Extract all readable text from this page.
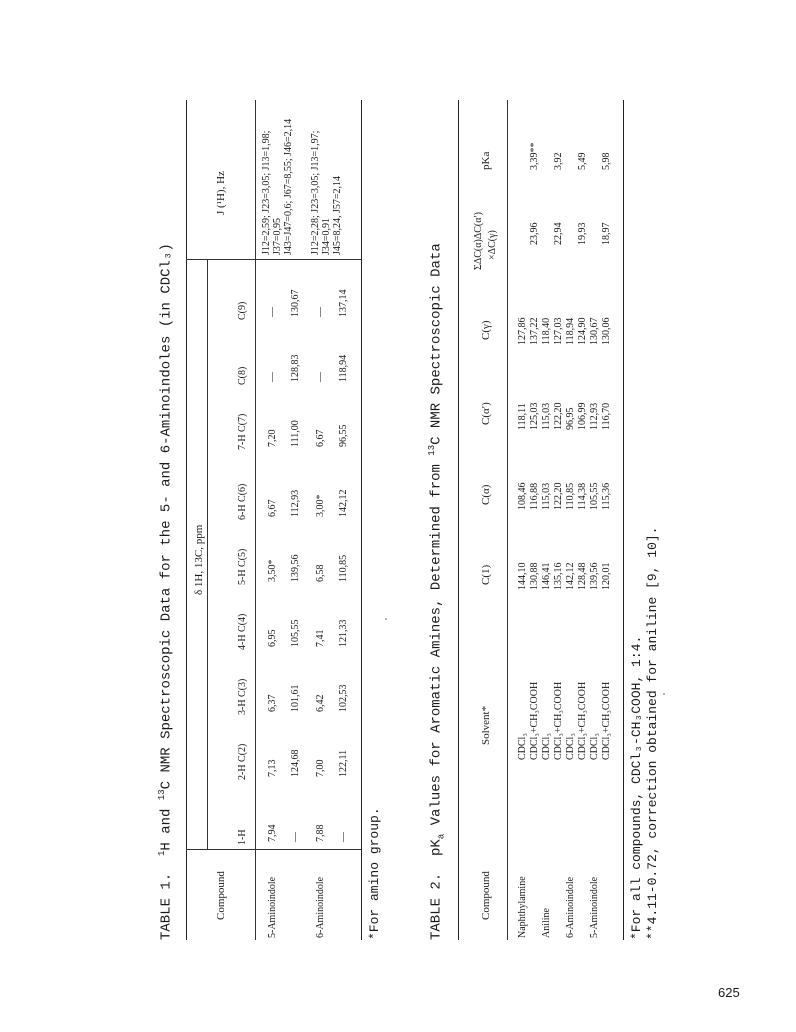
TABLE 1.  $^1$H and $^{13}$C NMR Spectroscopic Data for the 5- and 6-Aminoindoles (in CDCl₃)
Compound
δ 1H, 13C, ppm
J (¹H), Hz
1-H
2-H C(2)
3-H C(3)
4-H C(4)
5-H C(5)
6-H C(6)
7-H C(7)
C(8)
C(9)
5-Aminoindole
7,94
7,13
6,37
6,95
3,50*
6,67
7,20
—
—
—
124,68
101,61
105,55
139,56
112,93
111,00
128,83
130,67
J12=2,59; J23=3,05; J13=1,98; J37=0,95 J43=J47=0,6; J67=8,55; J46=2,14
6-Aminoindole
7,88
7,00
6,42
7,41
6,58
3,00*
6,67
—
—
—
122,11
102,53
121,33
110,85
142,12
96,55
118,94
137,14
J12=2,28; J23=3,05; J13=1,97; J34=0,91 J45=8,24, J57=2,14
*For amino group.	TABLE 2.  $pK_a$ Values for Aromatic Amines, Determined from $^{13}$C NMR Spectroscopic Data
Compound
Solvent*
C(1)
C(α)
C(α′)
C(γ)
ΣΔC(α)ΔC(α′) ×ΔC(γ)
pKa
Naphthylamine Aniline 6-Aminoindole 5-Aminoindole
CDCl₃ CDCl₃+CH₃COOH CDCl₃ CDCl₃+CH₃COOH CDCl₃ CDCl₃+CH₃COOH CDCl₃ CDCl₃+CH₃COOH
144,10 130,88 146,41 135,16 142,12 128,48 139,56 120,01
108,46 116,88 115,03 122,20 110,85 114,38 105,55 115,36
118,11 125,03 115,03 122,20 96,95 106,99 112,93 116,70
127,86 137,22 118,40 127,03 118,94 124,90 130,67 130,06
23,96 22,94 19,93 18,97
3,39** 3,92 5,49 5,98
*For all compounds, CDCl₃-CH₃COOH, 1:4. **4.11-0.72, correction obtained for aniline [9, 10].
625
